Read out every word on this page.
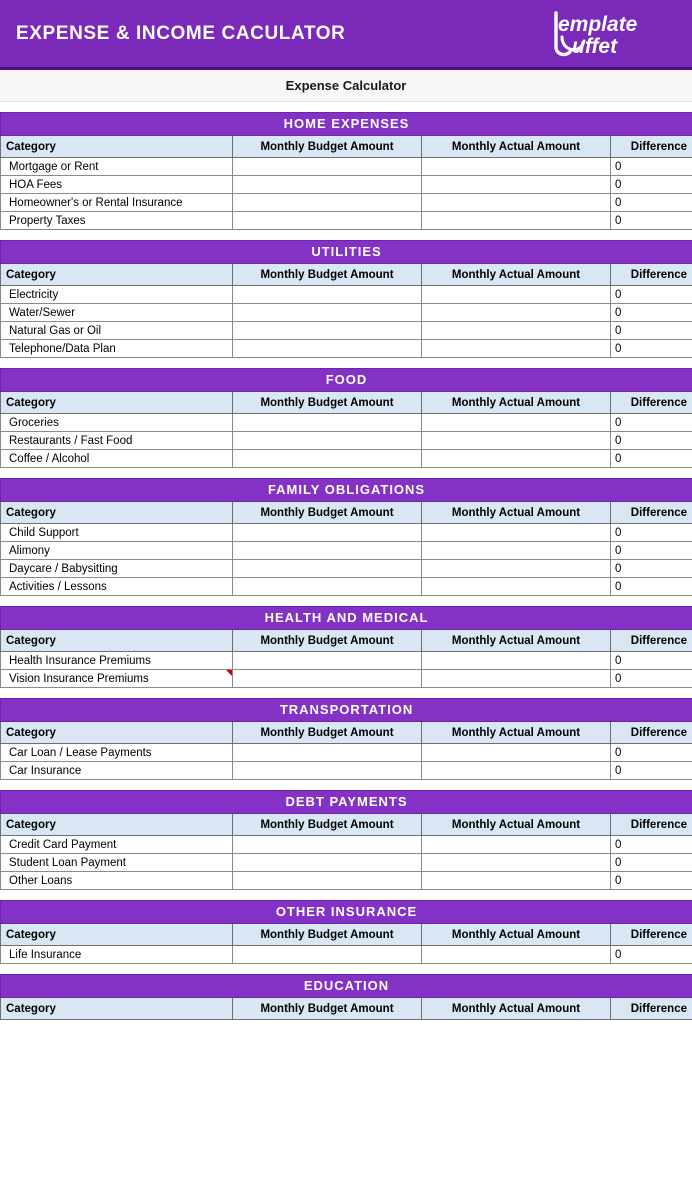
EXPENSE & INCOME CACULATOR	emplate
uffet
Expense Calculator
HOME EXPENSES			
Category	Monthly Budget Amount	Monthly Actual Amount	Difference
Mortgage or Rent			0
HOA Fees			0
Homeowner's or Rental Insurance			0
Property Taxes			0
UTILITIES			
Category	Monthly Budget Amount	Monthly Actual Amount	Difference
Electricity			0
Water/Sewer			0
Natural Gas or Oil			0
Telephone/Data Plan			0
FOOD			
Category	Monthly Budget Amount	Monthly Actual Amount	Difference
Groceries			0
Restaurants / Fast Food			0
Coffee / Alcohol			0
FAMILY OBLIGATIONS			
Category	Monthly Budget Amount	Monthly Actual Amount	Difference
Child Support			0
Alimony			0
Daycare / Babysitting			0
Activities / Lessons			0
HEALTH AND MEDICAL			
Category	Monthly Budget Amount	Monthly Actual Amount	Difference
Health Insurance Premiums			0
Vision Insurance Premiums			0
TRANSPORTATION			
Category	Monthly Budget Amount	Monthly Actual Amount	Difference
Car Loan / Lease Payments			0
Car Insurance			0
DEBT PAYMENTS			
Category	Monthly Budget Amount	Monthly Actual Amount	Difference
Credit Card Payment			0
Student Loan Payment			0
Other Loans			0
OTHER INSURANCE			
Category	Monthly Budget Amount	Monthly Actual Amount	Difference
Life Insurance			0
EDUCATION
Category	Monthly Budget Amount	Monthly Actual Amount	Difference
